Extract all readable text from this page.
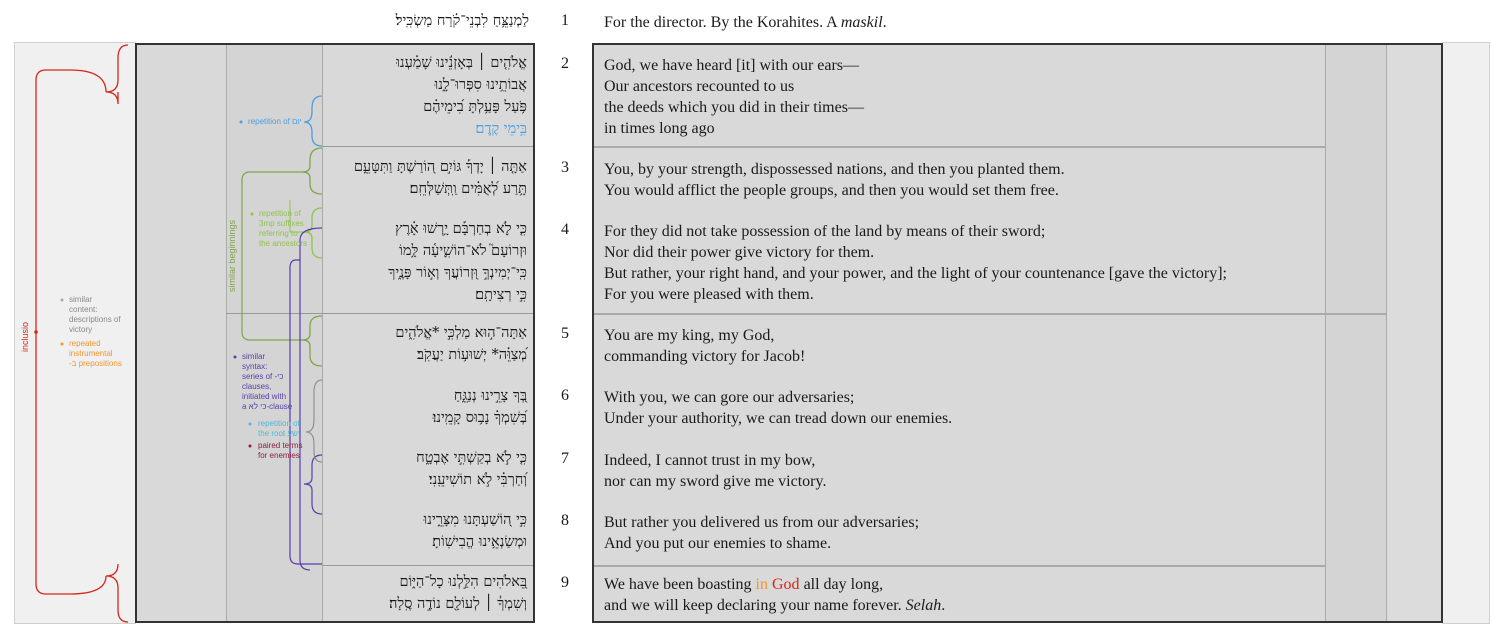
inclusio
similar beginnings
repetition of יום
repetition of
3mp suffixes
referring to
the ancestors
similar
content:
descriptions of
victory
repeated
instrumental
-ב prepositions
similar
syntax:
series of -כי
clauses,
initiated with
a כי לא-clause
repetition of
the root ישע
paired terms
for enemies
לַמְנַצֵּ֥חַ לִבְנֵי־קֹ֗רַח מַשְׂכִּֽיל׃	1	For the director. By the Korahites. A maskil.
2
3
4
5
6
7
8
9
אֱלֹהִ֤ים ׀ בְּאָזְנֵ֬ינוּ שָׁמַ֗עְנוּ
אֲבוֹתֵ֥ינוּ סִפְּרוּ־לָ֑נוּ
פֹּ֥עַל פָּעַ֥לְתָּ בִ֝ימֵיהֶ֗ם
בִּ֣ימֵי קֶֽדֶם׃
אַתָּ֤ה ׀ יָדְךָ֡ גּוֹיִ֣ם ה֭וֹרַשְׁתָּ וַתִּטָּעֵ֑ם
תָּ֥רַע לְ֝אֻמִּ֗ים וַֽתְּשַׁלְּחֵֽם׃
כִּ֤י לֹ֪א בְחַרְבָּ֡ם יָ֥רְשׁוּ אָ֗רֶץ
וּזְרוֹעָם֮ לֹא־הוֹשִׁ֪יעָ֫ה לָּ֥מוֹ
כִּֽי־יְמִינְךָ֣ וּ֭זְרוֹעֲךָ וְא֣וֹר פָּנֶ֑יךָ
כִּ֣י רְצִיתָֽם׃
אַתָּה־ה֣וּא מַלְכִּ֣י *אֱלֹהִ֑ים
מְ֝צַוֵּ֗ה* יְשׁוּע֥וֹת יַעֲקֹֽב׃
בְּ֭ךָ צָרֵ֣ינוּ נְנַגֵּ֑חַ
בְּ֝שִׁמְךָ֗ נָב֥וּס קָמֵֽינוּ׃
כִּ֤י לֹ֣א בְקַשְׁתִּ֣י אֶבְטָ֑ח
וְ֝חַרְבִּ֗י לֹ֣א תוֹשִׁיעֵֽנִי׃
כִּ֣י ה֭וֹשַׁעְתָּנוּ מִצָּרֵ֑ינוּ
וּמְשַׂנְאֵ֥ינוּ הֱבִישֽׁוֹתָ׃
בֵּ֭אלֹהִים הִלַּ֣לְנוּ כָל־הַיּ֑וֹם
וְשִׁמְךָ֓ ׀ לְעוֹלָ֖ם נוֹדֶ֣ה סֶֽלָה׃
God, we have heard [it] with our ears—
Our ancestors recounted to us
the deeds which you did in their times—
in times long ago
You, by your strength, dispossessed nations, and then you planted them.
You would afflict the people groups, and then you would set them free.
For they did not take possession of the land by means of their sword;
Nor did their power give victory for them.
But rather, your right hand, and your power, and the light of your countenance [gave the victory];
For you were pleased with them.
You are my king, my God,
commanding victory for Jacob!
With you, we can gore our adversaries;
Under your authority, we can tread down our enemies.
Indeed, I cannot trust in my bow,
nor can my sword give me victory.
But rather you delivered us from our adversaries;
And you put our enemies to shame.
We have been boasting in God all day long,
and we will keep declaring your name forever. Selah.
